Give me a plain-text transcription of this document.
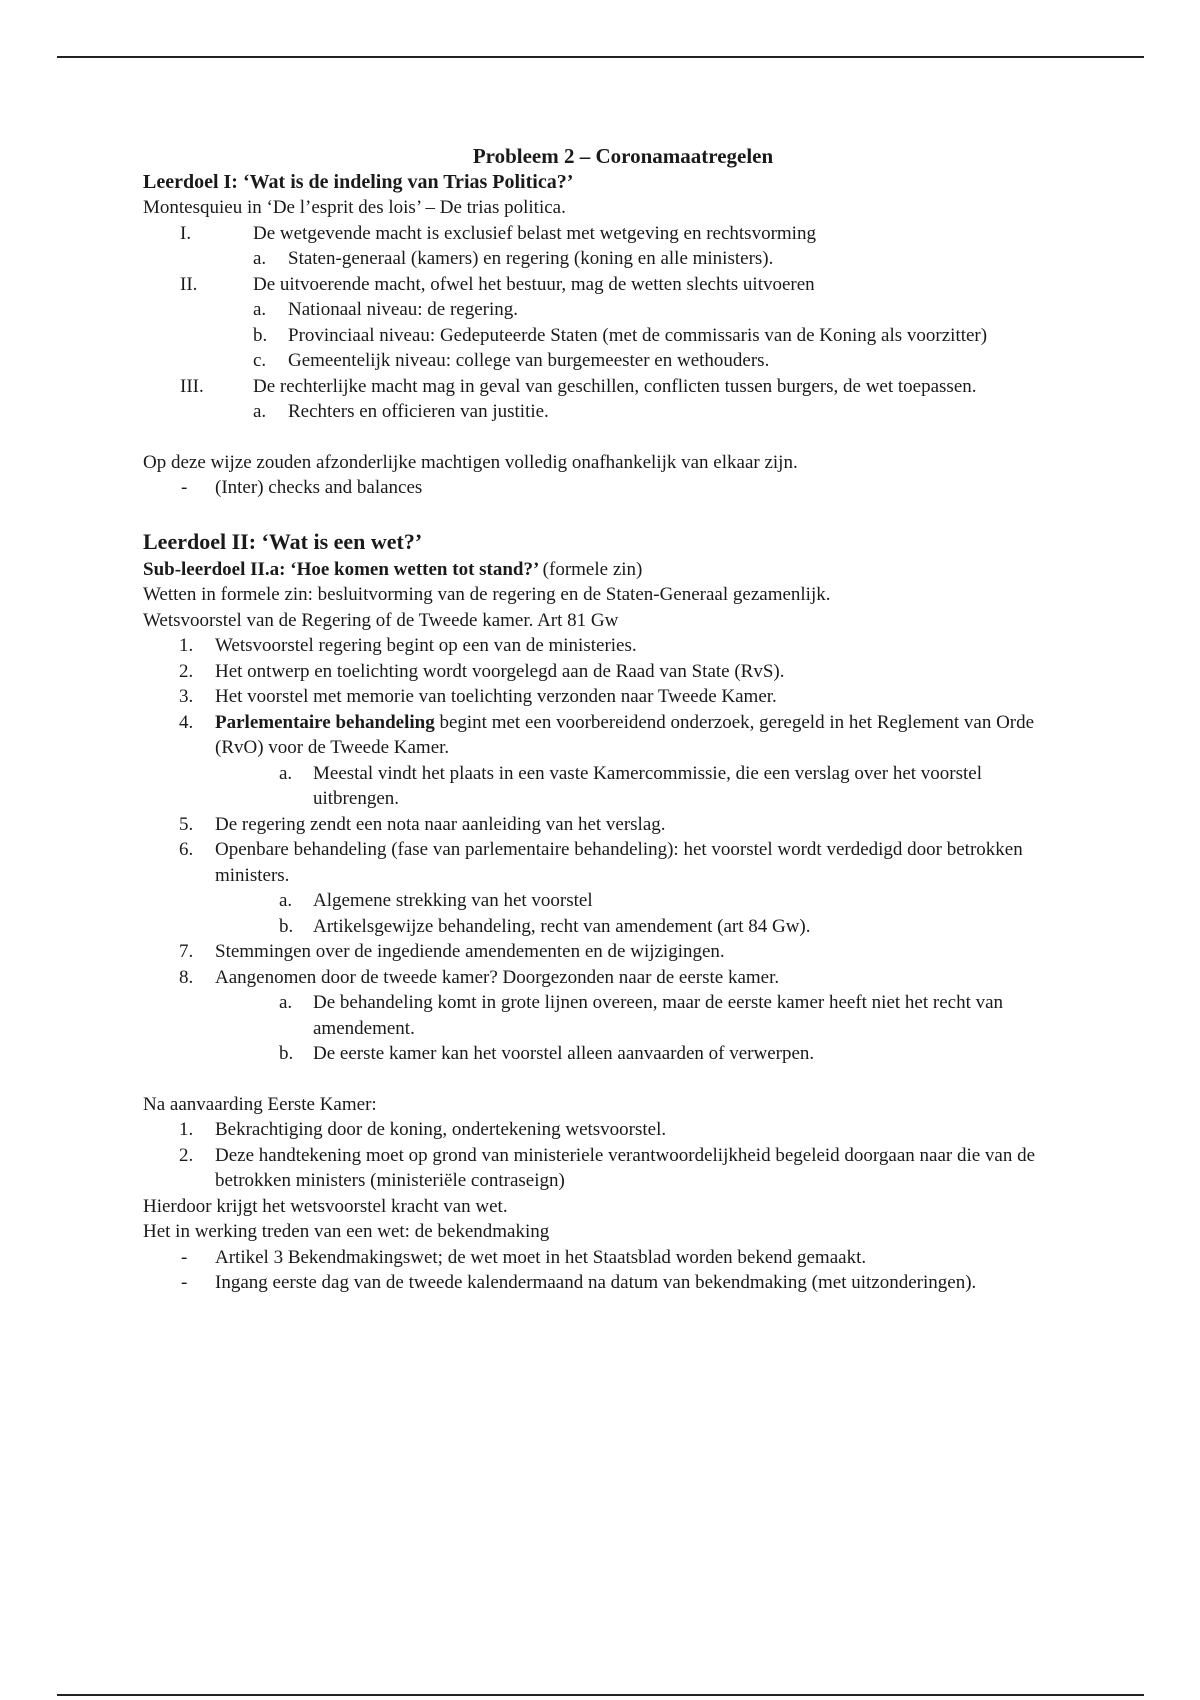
Probleem 2 – Coronamaatregelen
Leerdoel I: ‘Wat is de indeling van Trias Politica?’

Montesquieu in ‘De l’esprit des lois’ – De trias politica.

I.	De wetgevende macht is exclusief belast met wetgeving en rechtsvorming
a. Staten-generaal (kamers) en regering (koning en alle ministers).
II.	De uitvoerende macht, ofwel het bestuur, mag de wetten slechts uitvoeren
a. Nationaal niveau: de regering.
b. Provinciaal niveau: Gedeputeerde Staten (met de commissaris van de Koning als voorzitter)
c. Gemeentelijk niveau: college van burgemeester en wethouders.
III.	De rechterlijke macht mag in geval van geschillen, conflicten tussen burgers, de wet toepassen.
a. Rechters en officieren van justitie.

Op deze wijze zouden afzonderlijke machtigen volledig onafhankelijk van elkaar zijn.

- (Inter) checks and balances
Leerdoel II: ‘Wat is een wet?’
Sub-leerdoel II.a: ‘Hoe komen wetten tot stand?’ (formele zin)

Wetten in formele zin: besluitvorming van de regering en de Staten-Generaal gezamenlijk.

Wetsvoorstel van de Regering of de Tweede kamer. Art 81 Gw

1. Wetsvoorstel regering begint op een van de ministeries.
2. Het ontwerp en toelichting wordt voorgelegd aan de Raad van State (RvS).
3. Het voorstel met memorie van toelichting verzonden naar Tweede Kamer.
4. Parlementaire behandeling begint met een voorbereidend onderzoek, geregeld in het Reglement van Orde (RvO) voor de Tweede Kamer.
a. Meestal vindt het plaats in een vaste Kamercommissie, die een verslag over het voorstel uitbrengen.
5. De regering zendt een nota naar aanleiding van het verslag.
6. Openbare behandeling (fase van parlementaire behandeling): het voorstel wordt verdedigd door betrokken ministers.
a. Algemene strekking van het voorstel
b. Artikelsgewijze behandeling, recht van amendement (art 84 Gw).
7. Stemmingen over de ingediende amendementen en de wijzigingen.
8. Aangenomen door de tweede kamer? Doorgezonden naar de eerste kamer.
a. De behandeling komt in grote lijnen overeen, maar de eerste kamer heeft niet het recht van amendement.
b. De eerste kamer kan het voorstel alleen aanvaarden of verwerpen.

Na aanvaarding Eerste Kamer:

1. Bekrachtiging door de koning, ondertekening wetsvoorstel.
2. Deze handtekening moet op grond van ministeriele verantwoordelijkheid begeleid doorgaan naar die van de betrokken ministers (ministeriële contraseign)

Hierdoor krijgt het wetsvoorstel kracht van wet.

Het in werking treden van een wet: de bekendmaking

- Artikel 3 Bekendmakingswet; de wet moet in het Staatsblad worden bekend gemaakt.
- Ingang eerste dag van de tweede kalendermaand na datum van bekendmaking (met uitzonderingen).
